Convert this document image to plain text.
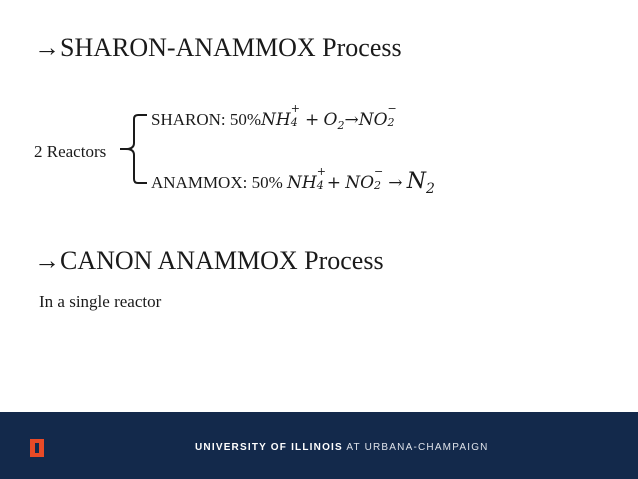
→SHARON-ANAMMOX Process
2 Reactors
SHARON: 50%NH
+
$4 + O_2\to NO$
−
2
ANAMMOX: 50% NH
+
4 + NO
−
$2 \to N_2$
→CANON ANAMMOX Process
In a single reactor
UNIVERSITY OF ILLINOIS AT URBANA-CHAMPAIGN
